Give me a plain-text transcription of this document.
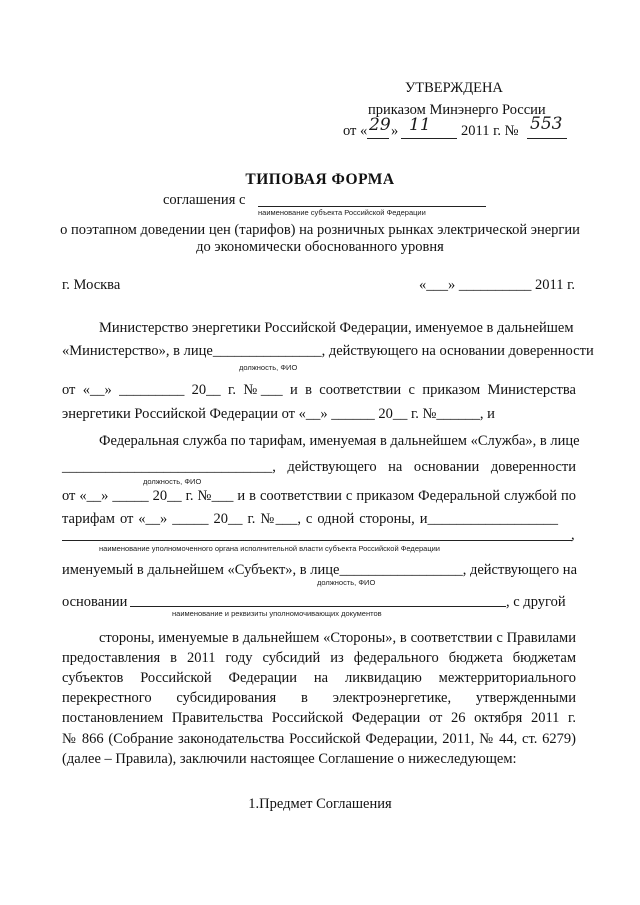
УТВЕРЖДЕНА
приказом Минэнерго России
от « 29 » 11 2011 г. № 553
ТИПОВАЯ ФОРМА
соглашения с
наименование субъекта Российской Федерации
о поэтапном доведении цен (тарифов) на розничных рынках электрической энергии
до экономически обоснованного уровня
г. Москва	«___» __________ 2011 г.
Министерство энергетики Российской Федерации, именуемое в дальнейшем
«Министерство», в лице_______________, действующего на основании доверенности
должность, ФИО
от «__» _________ 20__ г. №___ и в соответствии с приказом Министерства
энергетики Российской Федерации от «__» ______ 20__ г. №______, и
Федеральная служба по тарифам, именуемая в дальнейшем «Служба», в лице
_____________________________, действующего на основании доверенности
должность, ФИО
от «__» _____ 20__ г. №___ и в соответствии с приказом Федеральной службой по
тарифам от «__» _____ 20__ г. №___, с одной стороны, и__________________
,
наименование уполномоченного органа исполнительной власти субъекта Российской Федерации
именуемый в дальнейшем «Субъект», в лице_________________, действующего на
должность, ФИО
основании	, с другой
наименование и реквизиты уполномочивающих документов
стороны, именуемые в дальнейшем «Стороны», в соответствии с Правилами
предоставления в 2011 году субсидий из федерального бюджета бюджетам
субъектов Российской Федерации на ликвидацию межтерриториального
перекрестного субсидирования в электроэнергетике, утвержденными
постановлением Правительства Российской Федерации от 26 октября 2011 г.
№ 866 (Собрание законодательства Российской Федерации, 2011, № 44, ст. 6279)
(далее – Правила), заключили настоящее Соглашение о нижеследующем:
1.Предмет Соглашения
